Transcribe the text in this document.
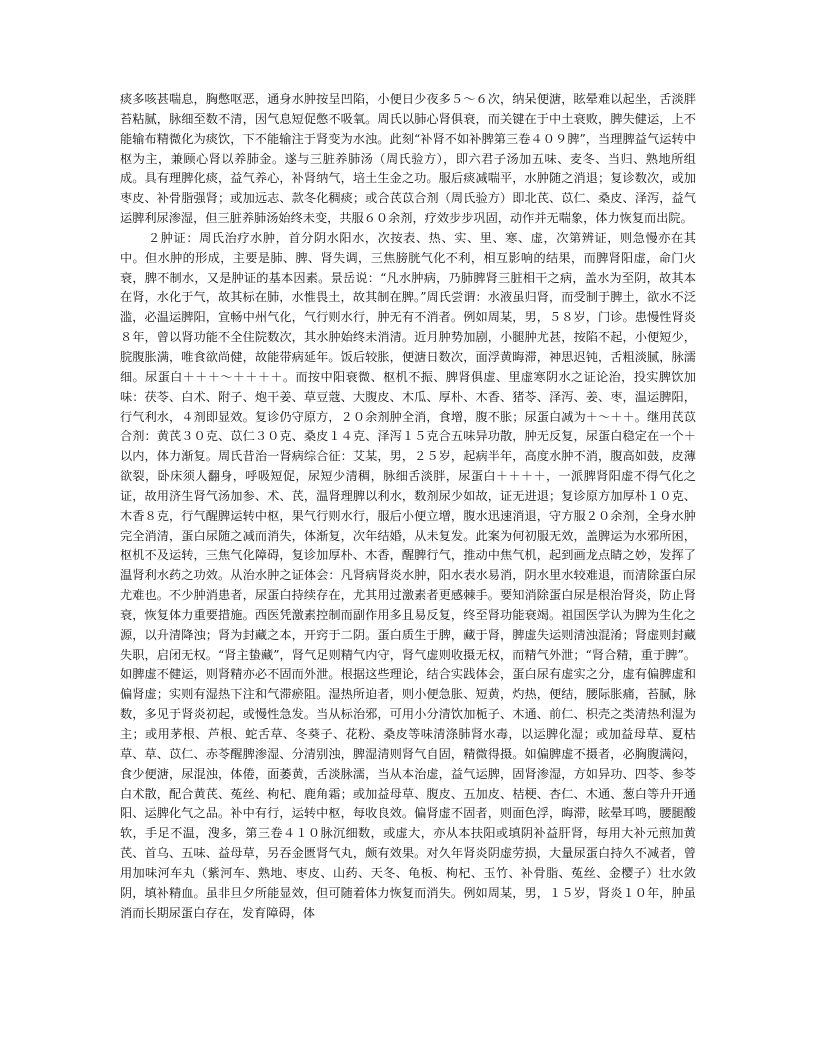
痰多咳甚喘息，胸憋呕恶，通身水肿按呈凹陷，小便日少夜多５～６次，纳呆便溏，眩晕难以起坐，舌淡胖苔粘腻，脉细至数不清，因气息短促憋不吸氧。周氏以肺心肾俱衰，而关键在于中土衰败，脾失健运，上不能输布精微化为痰饮，下不能输注于肾变为水浊。此刻“补肾不如补脾第三卷４０９脾”，当理脾益气运转中枢为主，兼顾心肾以养肺金。遂与三脏养肺汤（周氏验方），即六君子汤加五味、麦冬、当归、熟地所组成。具有理脾化痰，益气养心，补肾纳气，培土生金之功。服后痰减喘平，水肿随之消退；复诊数次，或加枣皮、补骨脂强肾；或加远志、款冬化稠痰；或合芪苡合剂（周氏验方）即北芪、苡仁、桑皮、泽泻，益气运脾利尿渗湿，但三脏养肺汤始终未变，共服６０余剂，疗效步步巩固，动作并无喘象，体力恢复而出院。

２肿证：周氏治疗水肿，首分阴水阳水，次按表、热、实、里、寒、虚，次第辨证，则急慢亦在其中。但水肿的形成，主要是肺、脾、肾失调，三焦膀胱气化不利，相互影响的结果，而脾肾阳虚，命门火衰，脾不制水，又是肿证的基本因素。景岳说：“凡水肿病，乃肺脾肾三脏相干之病，盖水为至阴，故其本在肾，水化于气，故其标在肺，水惟畏土，故其制在脾。”周氏尝谓：水液虽归肾，而受制于脾土，欲水不泛滥，必温运脾阳，宣畅中州气化，气行则水行，肿无有不消者。例如周某，男，５８岁，门诊。患慢性肾炎８年，曾以肾功能不全住院数次，其水肿始终未消清。近月肿势加剧，小腿肿尤甚，按陷不起，小便短少，脘腹胀满，唯食欲尚健，故能带病延年。饭后较胀，便溏日数次，面浮黄晦滞，神思迟钝，舌粗淡腻，脉濡细。尿蛋白＋＋＋～＋＋＋＋。而按中阳衰微、枢机不振、脾肾俱虚、里虚寒阴水之证论治，投实脾饮加味：茯苓、白术、附子、炮干姜、草豆蔻、大腹皮、木瓜、厚朴、木香、猪苓、泽泻、姜、枣，温运脾阳，行气利水，４剂即显效。复诊仍守原方，２０余剂肿全消，食增，腹不胀；尿蛋白减为＋～＋＋。继用芪苡合剂：黄芪３０克、苡仁３０克、桑皮１４克、泽泻１５克合五味异功散，肿无反复，尿蛋白稳定在一个＋以内，体力渐复。周氏昔治一肾病综合征：艾某，男，２５岁，起病半年，高度水肿不消，腹高如鼓，皮薄欲裂，卧床须人翻身，呼吸短促，尿短少清稠，脉细舌淡胖，尿蛋白＋＋＋＋，一派脾肾阳虚不得气化之证，故用济生肾气汤加参、术、芪，温肾理脾以利水，数剂尿少如故，证无进退；复诊原方加厚朴１０克、木香８克，行气醒脾运转中枢，果气行则水行，服后小便立增，腹水迅速消退，守方服２０余剂，全身水肿完全消清，蛋白尿随之减而消失，体渐复，次年结婚，从未复发。此案为何初服无效，盖脾运为水邪所困，枢机不及运转，三焦气化障碍，复诊加厚朴、木香，醒脾行气，推动中焦气机，起到画龙点睛之妙，发挥了温肾利水药之功效。从治水肿之证体会：凡肾病肾炎水肿，阳水表水易消，阴水里水较难退，而清除蛋白尿尤难也。不少肿消患者，尿蛋白持续存在，尤其用过激素者更感棘手。要知消除蛋白尿是根治肾炎，防止肾衰，恢复体力重要措施。西医凭激素控制而副作用多且易反复，终至肾功能衰竭。祖国医学认为脾为生化之源，以升清降浊；肾为封藏之本，开窍于二阴。蛋白质生于脾，藏于肾，脾虚失运则清浊混淆；肾虚则封藏失职，启闭无权。“肾主蛰藏”，肾气足则精气内守，肾气虚则收摄无权，而精气外泄；“肾合精，重于脾”。如脾虚不健运，则肾精亦必不固而外泄。根据这些理论，结合实践体会，蛋白尿有虚实之分，虚有偏脾虚和偏肾虚；实则有湿热下注和气滞瘀阻。湿热所迫者，则小便急胀、短黄，灼热，便结，腰际胀痛，苔腻，脉数，多见于肾炎初起，或慢性急发。当从标治邪，可用小分清饮加栀子、木通、前仁、枳壳之类清热利湿为主；或用茅根、芦根、蛇舌草、冬葵子、花粉、桑皮等味清涤肺肾水毒，以运脾化湿；或加益母草、夏枯草、草、苡仁、赤苓醒脾渗湿、分清别浊，脾湿清则肾气自固，精微得摄。如偏脾虚不摄者，必胸腹满闷，食少便溏，尿混浊，体倦，面萎黄，舌淡脉濡，当从本治虚，益气运脾，固肾渗湿，方如异功、四苓、参苓白术散，配合黄芪、菟丝、枸杞、鹿角霜；或加益母草、腹皮、五加皮、桔梗、杏仁、木通、葱白等升开通阳、运脾化气之品。补中有行，运转中枢，每收良效。偏肾虚不固者，则面色浮，晦滞，眩晕耳鸣，腰腿酸软，手足不温，溲多，第三卷４１０脉沉细数，或虚大，亦从本扶阳或填阴补益肝肾，每用大补元煎加黄芪、首乌、五味、益母草，另吞金匮肾气丸，颇有效果。对久年肾炎阴虚劳损，大量尿蛋白持久不减者，曾用加味河车丸（紫河车、熟地、枣皮、山药、天冬、龟板、枸杞、玉竹、补骨脂、菟丝、金樱子）壮水敛阴，填补精血。虽非旦夕所能显效，但可随着体力恢复而消失。例如周某，男，１５岁，肾炎１０年，肿虽消而长期尿蛋白存在，发育障碍，体
